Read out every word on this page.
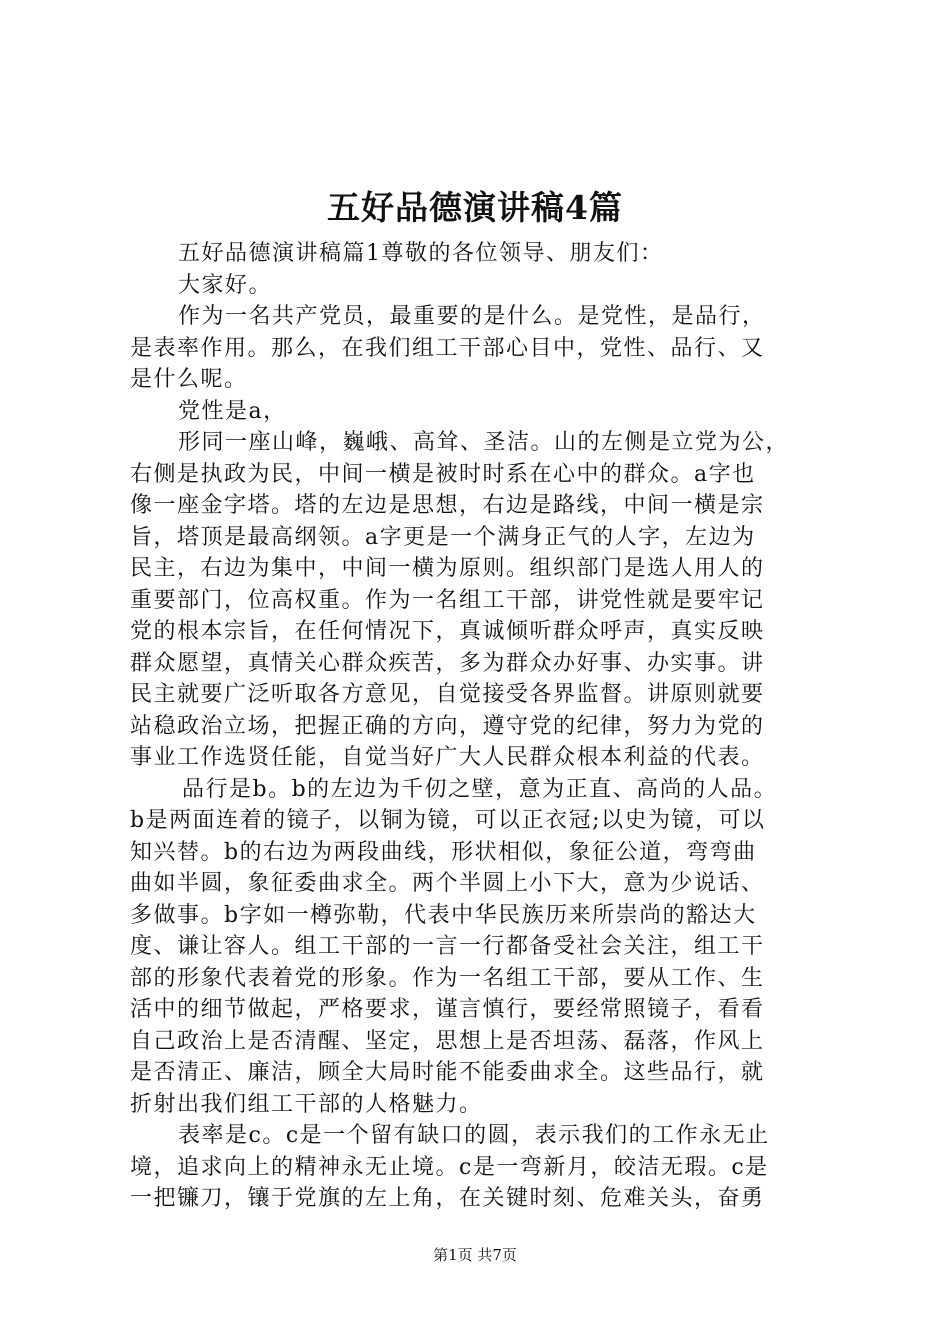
五好品德演讲稿4篇
五好品德演讲稿篇1尊敬的各位领导、朋友们：
大家好。
作为一名共产党员，最重要的是什么。是党性，是品行，
是表率作用。那么，在我们组工干部心目中，党性、品行、又
是什么呢。
党性是a，
形同一座山峰，巍峨、高耸、圣洁。山的左侧是立党为公，
右侧是执政为民，中间一横是被时时系在心中的群众。a字也
像一座金字塔。塔的左边是思想，右边是路线，中间一横是宗
旨，塔顶是最高纲领。a字更是一个满身正气的人字，左边为
民主，右边为集中，中间一横为原则。组织部门是选人用人的
重要部门，位高权重。作为一名组工干部，讲党性就是要牢记
党的根本宗旨，在任何情况下，真诚倾听群众呼声，真实反映
群众愿望，真情关心群众疾苦，多为群众办好事、办实事。讲
民主就要广泛听取各方意见，自觉接受各界监督。讲原则就要
站稳政治立场，把握正确的方向，遵守党的纪律，努力为党的
事业工作选贤任能，自觉当好广大人民群众根本利益的代表。
品行是b。b的左边为千仞之壁，意为正直、高尚的人品。
b是两面连着的镜子，以铜为镜，可以正衣冠;以史为镜，可以
知兴替。b的右边为两段曲线，形状相似，象征公道，弯弯曲
曲如半圆，象征委曲求全。两个半圆上小下大，意为少说话、
多做事。b字如一樽弥勒，代表中华民族历来所崇尚的豁达大
度、谦让容人。组工干部的一言一行都备受社会关注，组工干
部的形象代表着党的形象。作为一名组工干部，要从工作、生
活中的细节做起，严格要求，谨言慎行，要经常照镜子，看看
自己政治上是否清醒、坚定，思想上是否坦荡、磊落，作风上
是否清正、廉洁，顾全大局时能不能委曲求全。这些品行，就
折射出我们组工干部的人格魅力。
表率是c。c是一个留有缺口的圆，表示我们的工作永无止
境，追求向上的精神永无止境。c是一弯新月，皎洁无瑕。c是
一把镰刀，镶于党旗的左上角，在关键时刻、危难关头，奋勇
第1页 共7页
